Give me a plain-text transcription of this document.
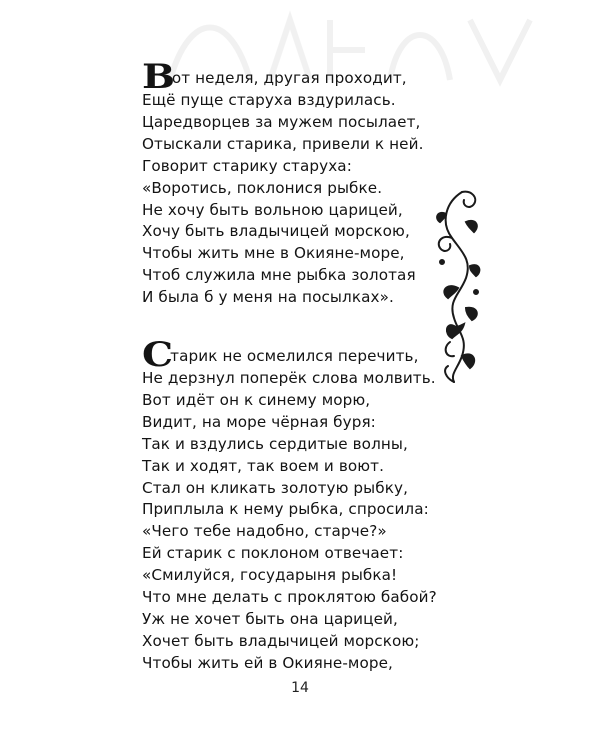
В
от неделя, другая проходит,
Ещё пуще старуха вздурилась.
Царедворцев за мужем посылает,
Отыскали старика, привели к ней.
Говорит старику старуха:
«Воротись, поклонися рыбке.
Не хочу быть вольною царицей,
Хочу быть владычицей морскою,
Чтобы жить мне в Окияне-море,
Чтоб служила мне рыбка золотая
И была б у меня на посылках».
С
тарик не осмелился перечить,
Не дерзнул поперёк слова молвить.
Вот идёт он к синему морю,
Видит, на море чёрная буря:
Так и вздулись сердитые волны,
Так и ходят, так воем и воют.
Стал он кликать золотую рыбку,
Приплыла к нему рыбка, спросила:
«Чего тебе надобно, старче?»
Ей старик с поклоном отвечает:
«Смилуйся, государыня рыбка!
Что мне делать с проклятою бабой?
Уж не хочет быть она царицей,
Хочет быть владычицей морскою;
Чтобы жить ей в Окияне-море,
14
